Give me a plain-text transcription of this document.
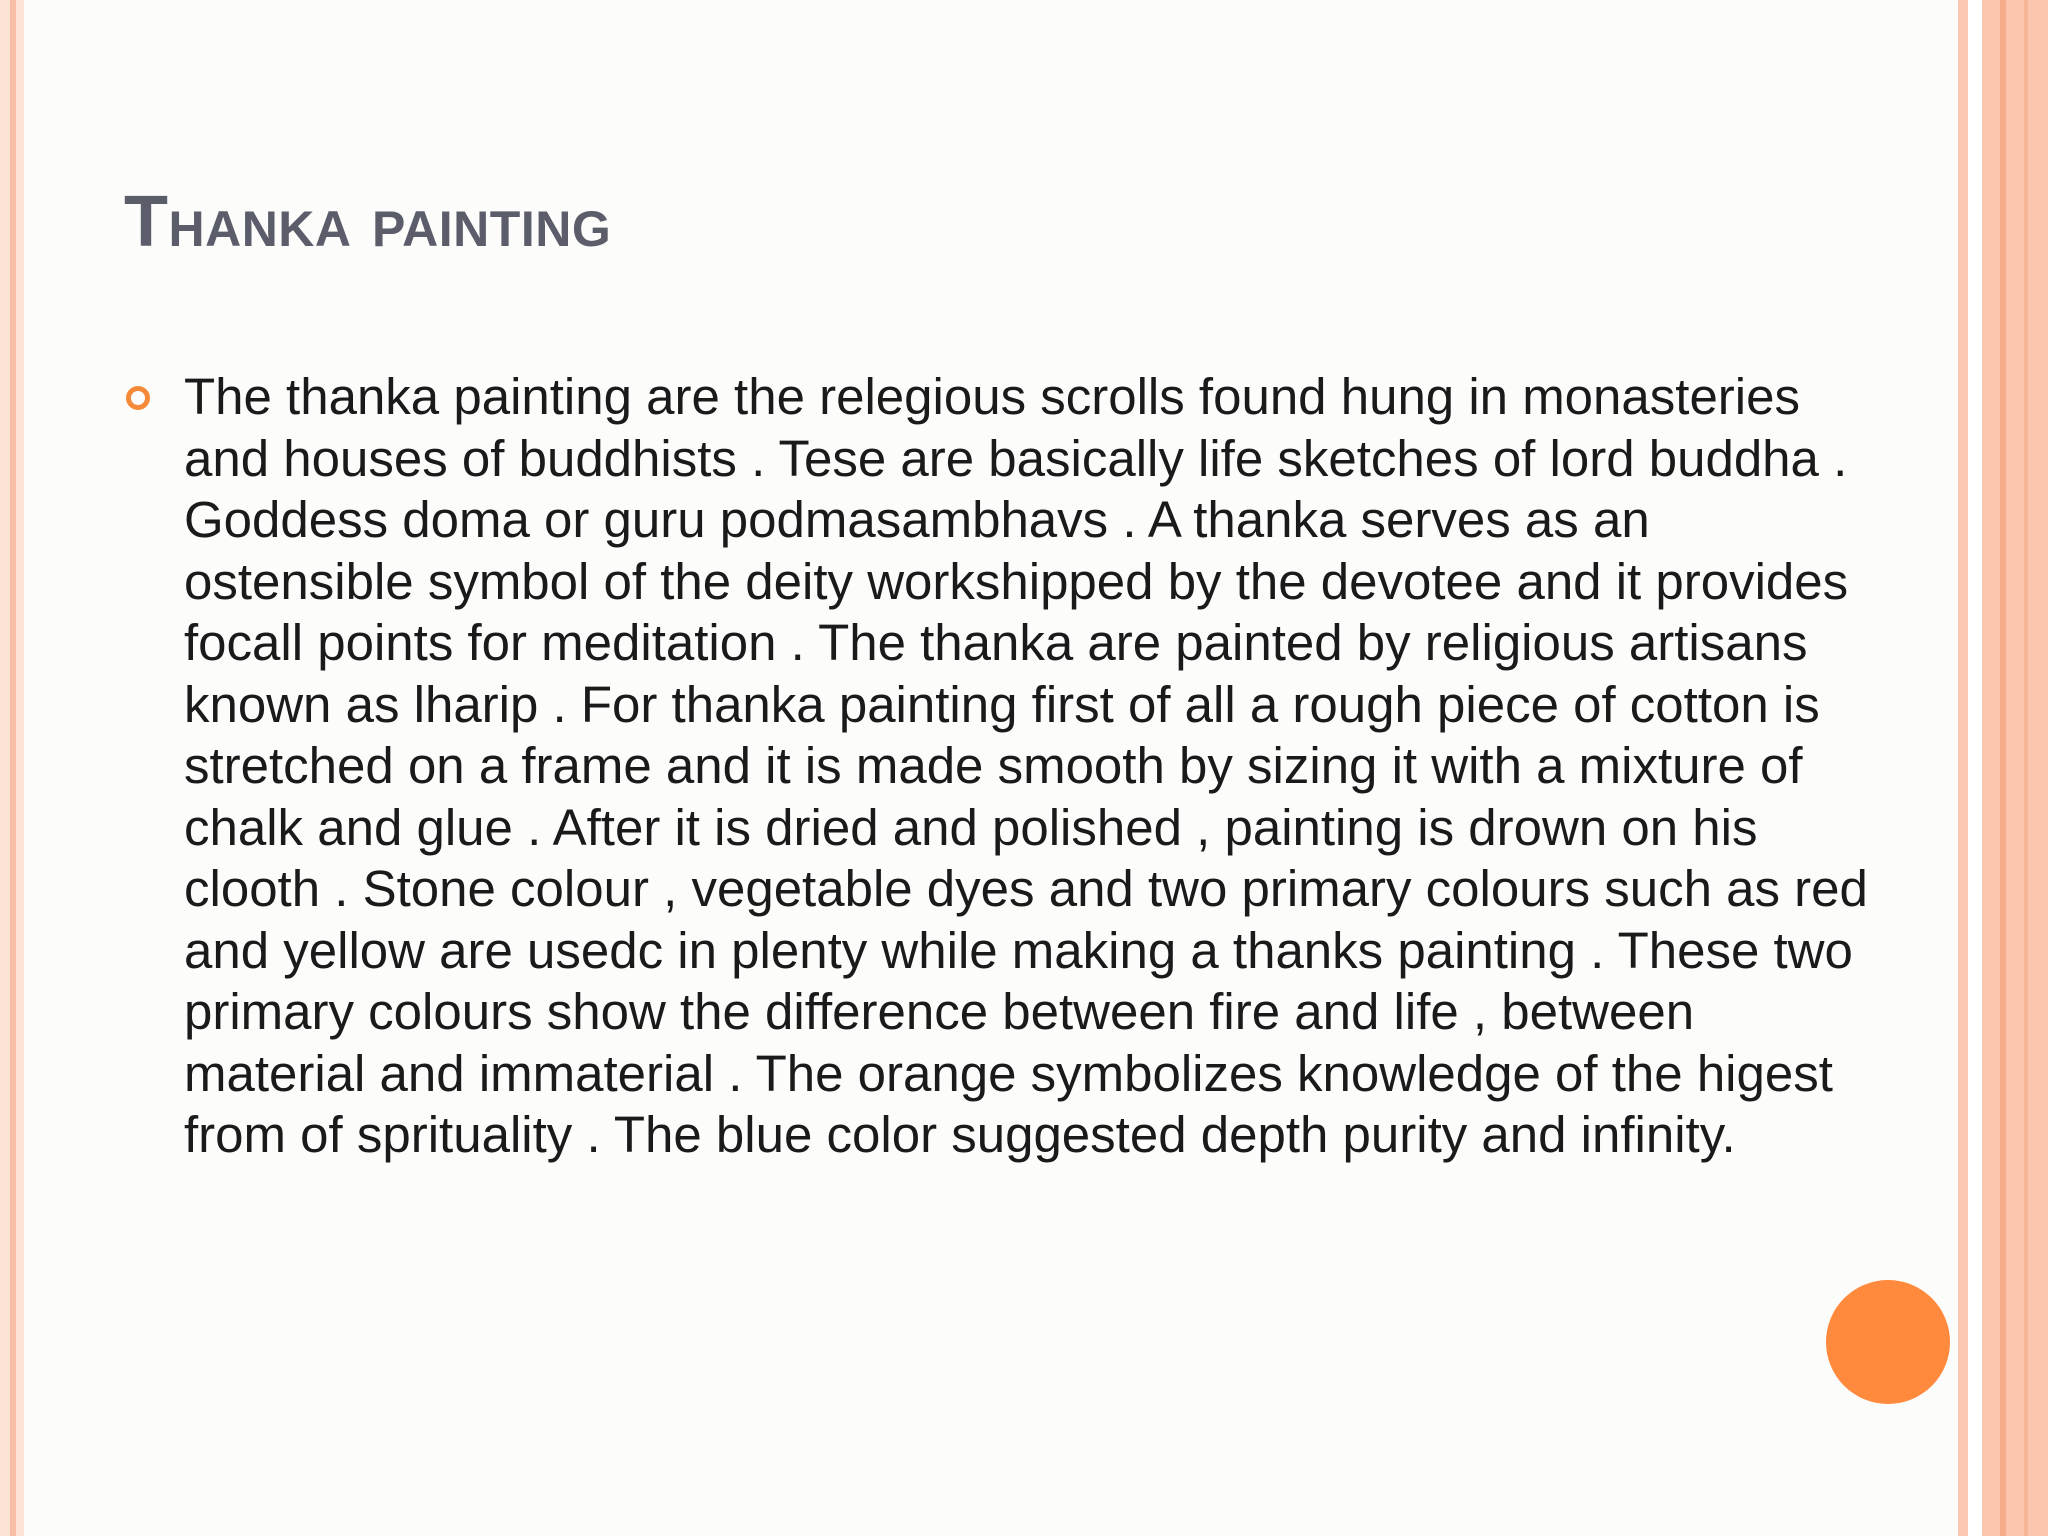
Thanka painting

The thanka painting are the relegious scrolls found hung in monasteries and houses of buddhists . Tese are basically life sketches of lord buddha . Goddess doma or guru podmasambhavs . A thanka serves as an ostensible symbol of the deity workshipped by the devotee and it provides focall points for meditation . The thanka are painted by religious artisans known as lharip . For thanka painting first of all a rough piece of cotton is stretched on a frame and it is made smooth by sizing it with a mixture of chalk and glue . After it is dried and polished , painting is drown on his clooth . Stone colour , vegetable dyes and two primary colours such as red and yellow are usedc in plenty while making a thanks painting . These two primary colours show the difference between fire and life , between material and immaterial . The orange symbolizes knowledge of the higest from of sprituality . The blue color suggested depth purity and infinity.
